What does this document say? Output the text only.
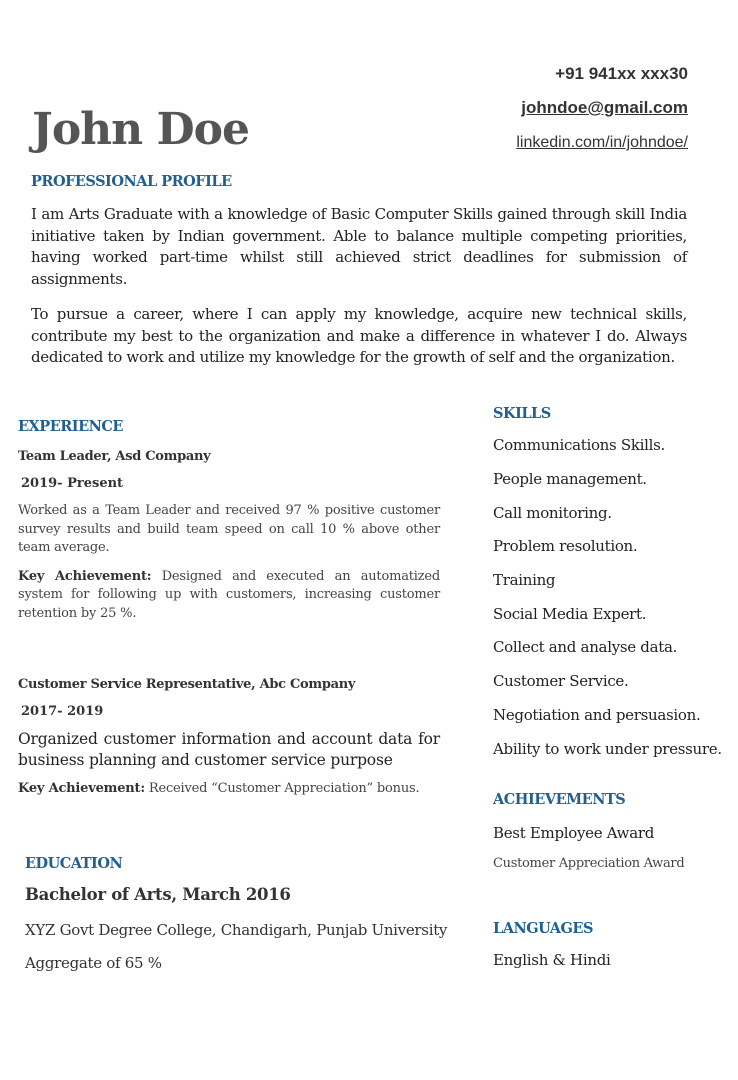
+91 941xx xxx30
johndoe@gmail.com
linkedin.com/in/johndoe/
John Doe
PROFESSIONAL PROFILE

I am Arts Graduate with a knowledge of Basic Computer Skills gained through skill India initiative taken by Indian government. Able to balance multiple competing priorities, having worked part-time whilst still achieved strict deadlines for submission of assignments.

To pursue a career, where I can apply my knowledge, acquire new technical skills, contribute my best to the organization and make a difference in whatever I do. Always dedicated to work and utilize my knowledge for the growth of self and the organization.

EXPERIENCE
Team Leader, Asd Company
2019- Present

Worked as a Team Leader and received 97 % positive customer survey results and build team speed on call 10 % above other team average.

Key Achievement: Designed and executed an automatized system for following up with customers, increasing customer retention by 25 %.

Customer Service Representative, Abc Company
2017- 2019

Organized customer information and account data for business planning and customer service purpose

Key Achievement: Received “Customer Appreciation” bonus.

EDUCATION
Bachelor of Arts, March 2016
XYZ Govt Degree College, Chandigarh, Punjab University
Aggregate of 65 %
SKILLS
Communications Skills.
People management.
Call monitoring.
Problem resolution.
Training
Social Media Expert.
Collect and analyse data.
Customer Service.
Negotiation and persuasion.
Ability to work under pressure.
ACHIEVEMENTS
Best Employee Award
Customer Appreciation Award
LANGUAGES
English & Hindi
